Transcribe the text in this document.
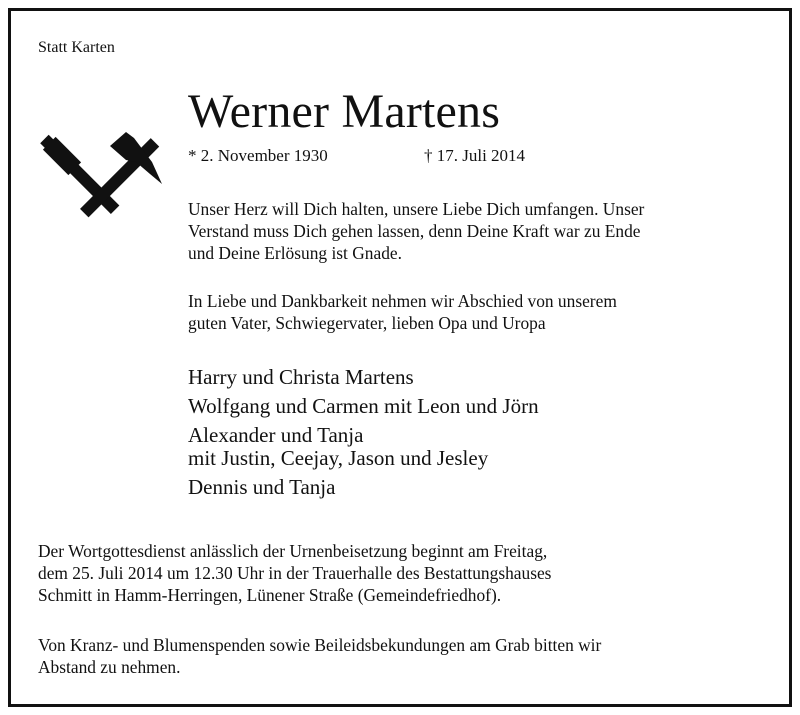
Statt Karten
Werner Martens
* 2. November 1930	† 17. Juli 2014
Unser Herz will Dich halten, unsere Liebe Dich umfangen. Unser
Verstand muss Dich gehen lassen, denn Deine Kraft war zu Ende
und Deine Erlösung ist Gnade.
In Liebe und Dankbarkeit nehmen wir Abschied von unserem
guten Vater, Schwiegervater, lieben Opa und Uropa
Harry und Christa Martens
Wolfgang und Carmen mit Leon und Jörn
Alexander und Tanja
mit Justin, Ceejay, Jason und Jesley
Dennis und Tanja
Der Wortgottesdienst anlässlich der Urnenbeisetzung beginnt am Freitag,
dem 25. Juli 2014 um 12.30 Uhr in der Trauerhalle des Bestattungshauses
Schmitt in Hamm-Herringen, Lünener Straße (Gemeindefriedhof).
Von Kranz- und Blumenspenden sowie Beileidsbekundungen am Grab bitten wir
Abstand zu nehmen.
